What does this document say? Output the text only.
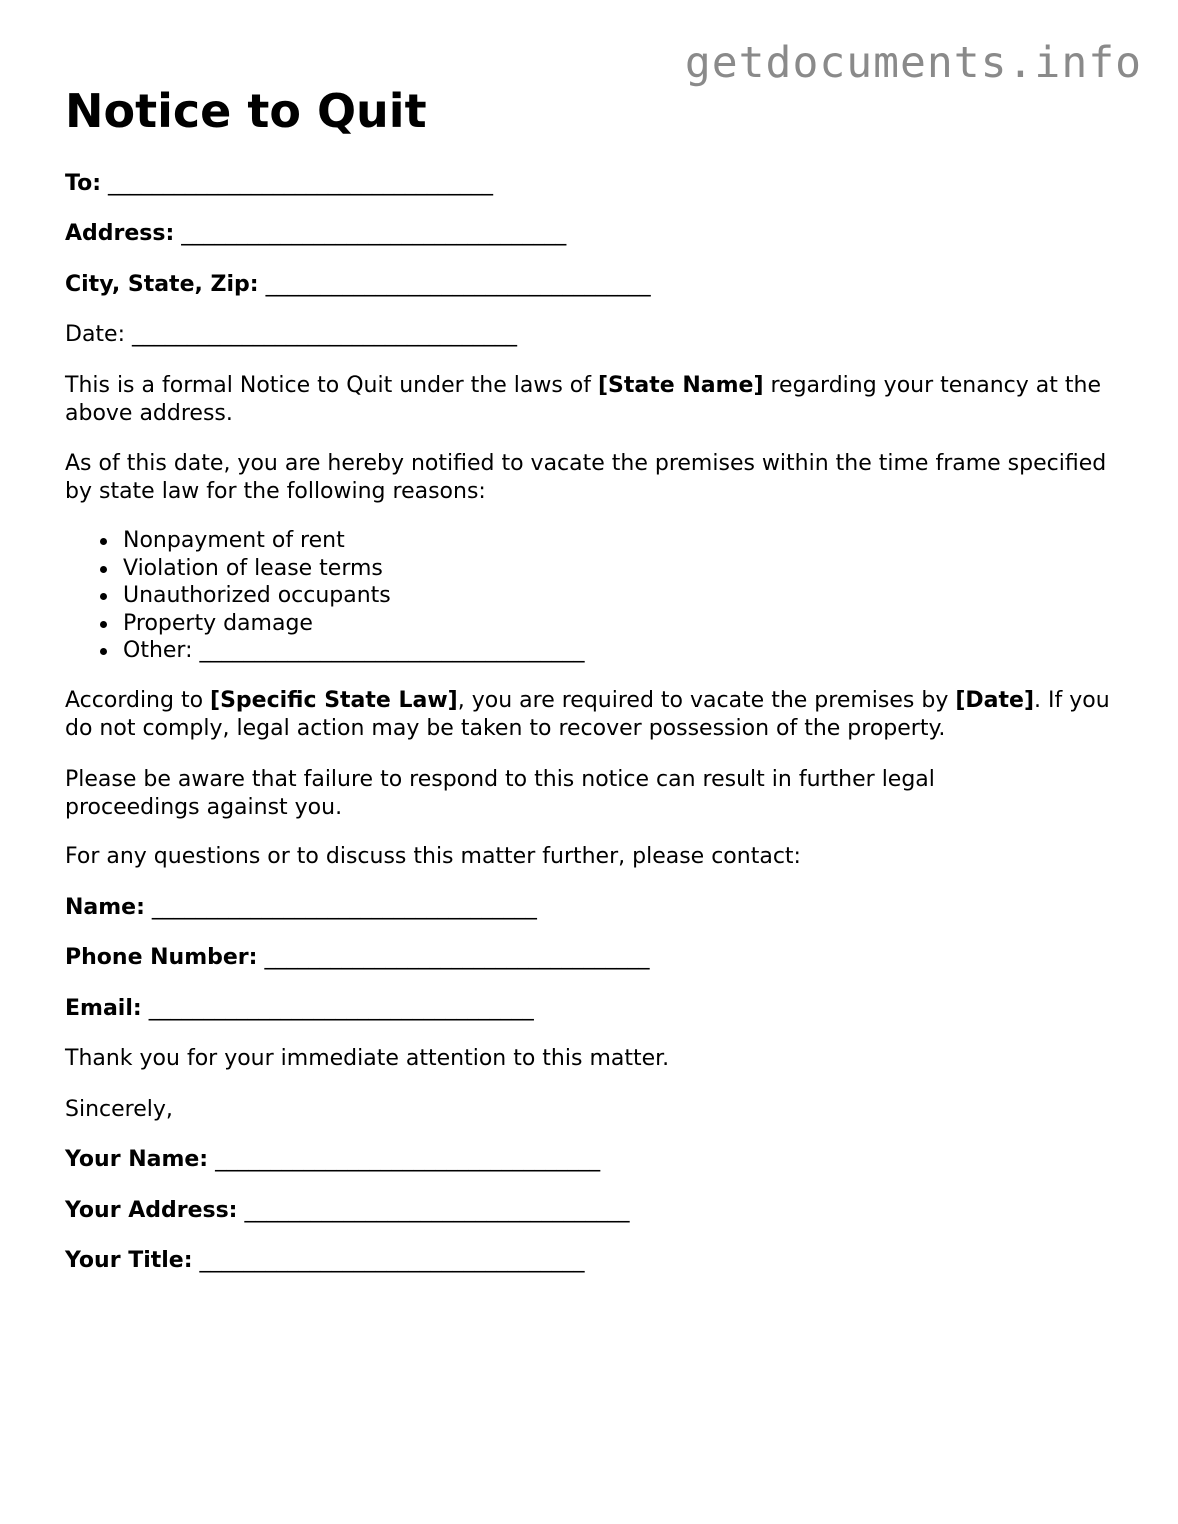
getdocuments.info
Notice to Quit
To: ___________________________________
Address: ___________________________________
City, State, Zip: ___________________________________
Date: ___________________________________

This is a formal Notice to Quit under the laws of [State Name] regarding your tenancy at the above address.

As of this date, you are hereby notified to vacate the premises within the time frame specified by state law for the following reasons:

Nonpayment of rent
Violation of lease terms
Unauthorized occupants
Property damage
Other: ___________________________________

According to [Specific State Law], you are required to vacate the premises by [Date]. If you do not comply, legal action may be taken to recover possession of the property.

Please be aware that failure to respond to this notice can result in further legal proceedings against you.

For any questions or to discuss this matter further, please contact:
Name: ___________________________________
Phone Number: ___________________________________
Email: ___________________________________
Thank you for your immediate attention to this matter.
Sincerely,
Your Name: ___________________________________
Your Address: ___________________________________
Your Title: ___________________________________
